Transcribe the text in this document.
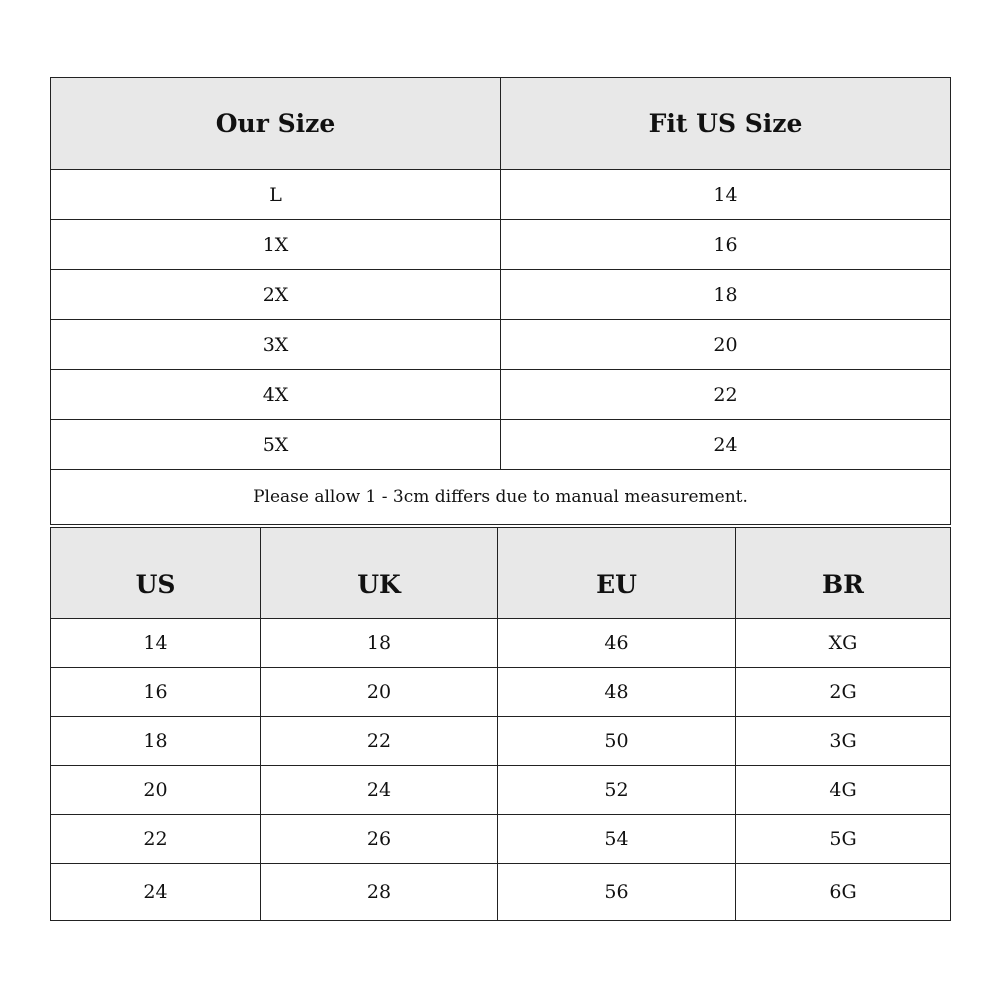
Our Size	Fit US Size
L	14
1X	16
2X	18
3X	20
4X	22
5X	24
Please allow 1 - 3cm differs due to manual measurement.	
US	UK	EU	BR
14	18	46	XG
16	20	48	2G
18	22	50	3G
20	24	52	4G
22	26	54	5G
24	28	56	6G
